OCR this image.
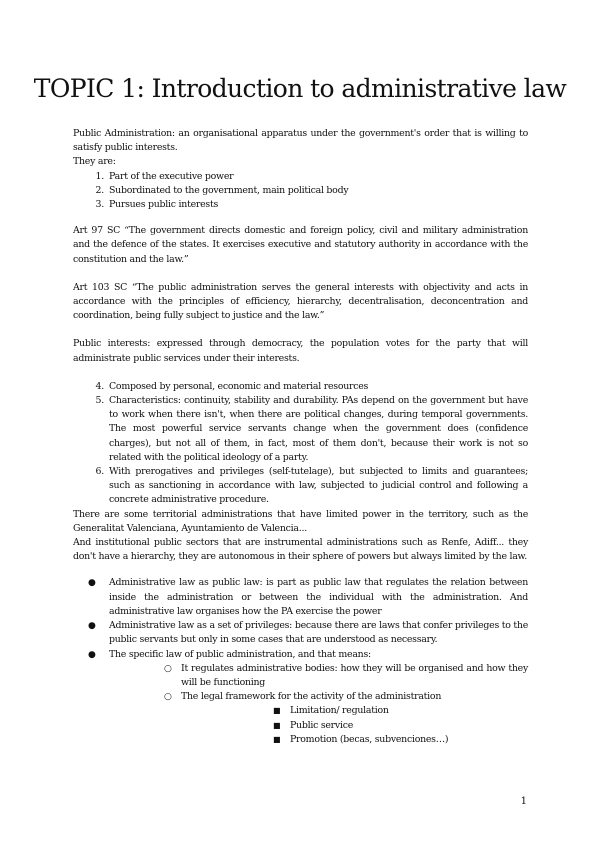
TOPIC 1: Introduction to administrative law

Public Administration: an organisational apparatus under the government's order that is willing to satisfy public interests.

They are:

1. Part of the executive power
2. Subordinated to the government, main political body
3. Pursues public interests

Art 97 SC “The government directs domestic and foreign policy, civil and military administration and the defence of the states. It exercises executive and statutory authority in accordance with the constitution and the law.”

Art 103 SC “The public administration serves the general interests with objectivity and acts in accordance with the principles of efficiency, hierarchy, decentralisation, deconcentration and coordination, being fully subject to justice and the law.”

Public interests: expressed through democracy, the population votes for the party that will administrate public services under their interests.

4. Composed by personal, economic and material resources
5. Characteristics: continuity, stability and durability. PAs depend on the government but have to work when there isn't, when there are political changes, during temporal governments. The most powerful service servants change when the government does (confidence charges), but not all of them, in fact, most of them don't, because their work is not so related with the political ideology of a party.
6. With prerogatives and privileges (self-tutelage), but subjected to limits and guarantees; such as sanctioning in accordance with law, subjected to judicial control and following a concrete administrative procedure.

There are some territorial administrations that have limited power in the territory, such as the Generalitat Valenciana, Ayuntamiento de Valencia...

And institutional public sectors that are instrumental administrations such as Renfe, Adiff... they don't have a hierarchy, they are autonomous in their sphere of powers but always limited by the law.

● Administrative law as public law: is part as public law that regulates the relation between inside the administration or between the individual with the administration. And administrative law organises how the PA exercise the power
● Administrative law as a set of privileges: because there are laws that confer privileges to the public servants but only in some cases that are understood as necessary.
● The specific law of public administration, and that means:
○ It regulates administrative bodies: how they will be organised and how they will be functioning
○ The legal framework for the activity of the administration
■ Limitation/ regulation
■ Public service
■ Promotion (becas, subvenciones…)
1
